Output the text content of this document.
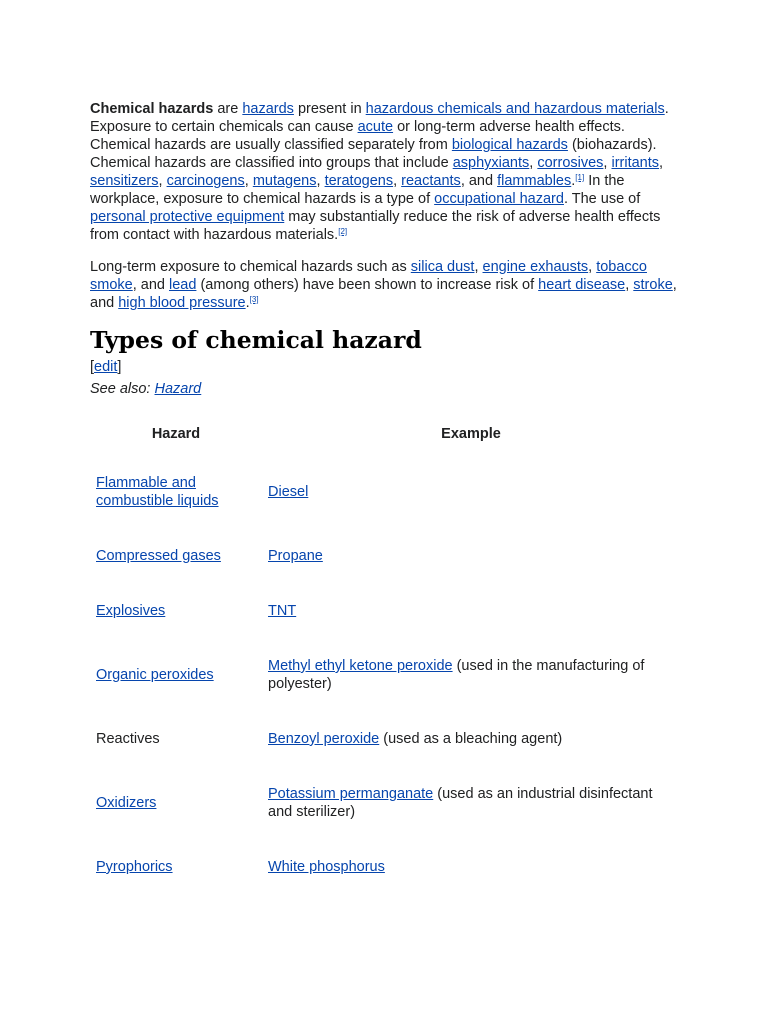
Chemical hazards are hazards present in hazardous chemicals and hazardous materials. Exposure to certain chemicals can cause acute or long-term adverse health effects. Chemical hazards are usually classified separately from biological hazards (biohazards). Chemical hazards are classified into groups that include asphyxiants, corrosives, irritants, sensitizers, carcinogens, mutagens, teratogens, reactants, and flammables.[1] In the workplace, exposure to chemical hazards is a type of occupational hazard. The use of personal protective equipment may substantially reduce the risk of adverse health effects from contact with hazardous materials.[2]

Long-term exposure to chemical hazards such as silica dust, engine exhausts, tobacco smoke, and lead (among others) have been shown to increase risk of heart disease, stroke, and high blood pressure.[3]

Types of chemical hazard
[edit]
See also: Hazard
Hazard	Example
Flammable and combustible liquids	Diesel
Compressed gases	Propane
Explosives	TNT
Organic peroxides	Methyl ethyl ketone peroxide (used in the manufacturing of polyester)
Reactives	Benzoyl peroxide (used as a bleaching agent)
Oxidizers	Potassium permanganate (used as an industrial disinfectant and sterilizer)
Pyrophorics	White phosphorus
